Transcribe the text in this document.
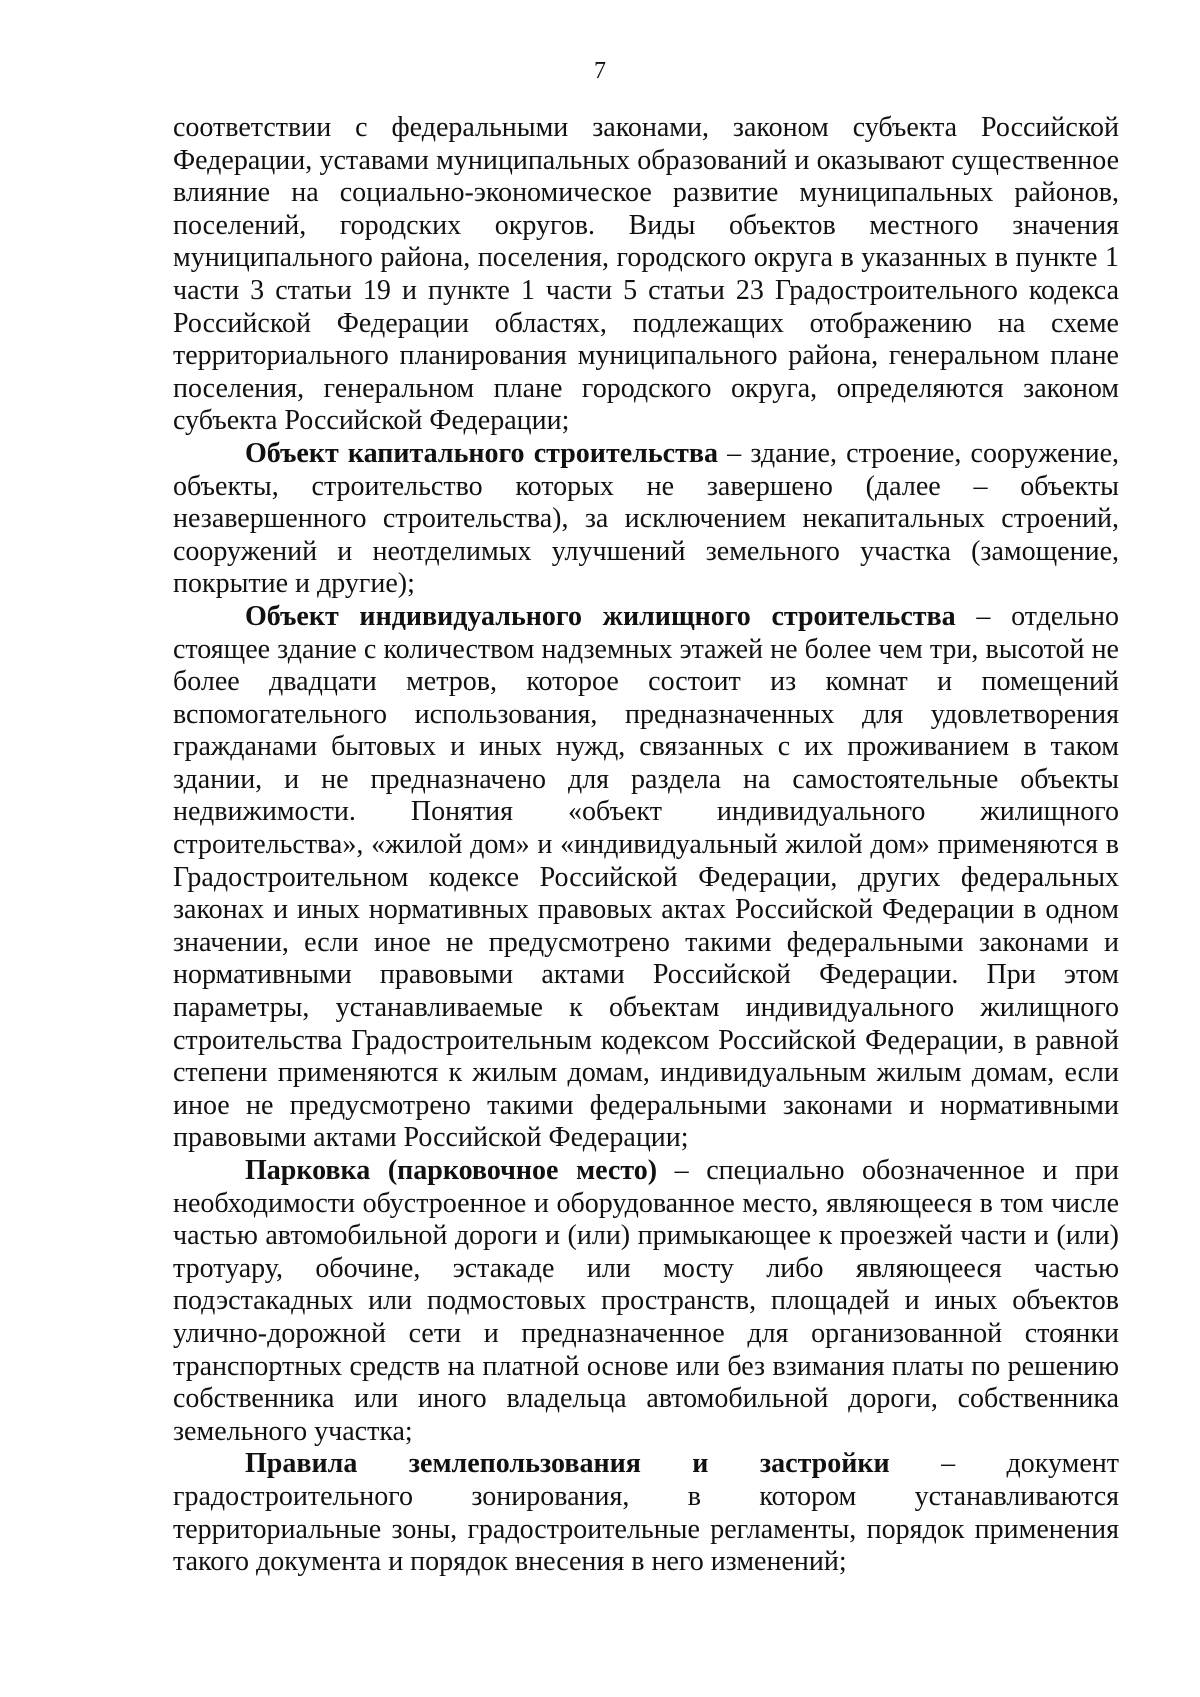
7

соответствии с федеральными законами, законом субъекта Российской Федерации, уставами муниципальных образований и оказывают существенное влияние на социально-экономическое развитие муниципальных районов, поселений, городских округов. Виды объектов местного значения муниципального района, поселения, городского округа в указанных в пункте 1 части 3 статьи 19 и пункте 1 части 5 статьи 23 Градостроительного кодекса Российской Федерации областях, подлежащих отображению на схеме территориального планирования муниципального района, генеральном плане поселения, генеральном плане городского округа, определяются законом субъекта Российской Федерации;

Объект капитального строительства – здание, строение, сооружение, объекты, строительство которых не завершено (далее – объекты незавершенного строительства), за исключением некапитальных строений, сооружений и неотделимых улучшений земельного участка (замощение, покрытие и другие);

Объект индивидуального жилищного строительства – отдельно стоящее здание с количеством надземных этажей не более чем три, высотой не более двадцати метров, которое состоит из комнат и помещений вспомогательного использования, предназначенных для удовлетворения гражданами бытовых и иных нужд, связанных с их проживанием в таком здании, и не предназначено для раздела на самостоятельные объекты недвижимости. Понятия «объект индивидуального жилищного строительства», «жилой дом» и «индивидуальный жилой дом» применяются в Градостроительном кодексе Российской Федерации, других федеральных законах и иных нормативных правовых актах Российской Федерации в одном значении, если иное не предусмотрено такими федеральными законами и нормативными правовыми актами Российской Федерации. При этом параметры, устанавливаемые к объектам индивидуального жилищного строительства Градостроительным кодексом Российской Федерации, в равной степени применяются к жилым домам, индивидуальным жилым домам, если иное не предусмотрено такими федеральными законами и нормативными правовыми актами Российской Федерации;

Парковка (парковочное место) – специально обозначенное и при необходимости обустроенное и оборудованное место, являющееся в том числе частью автомобильной дороги и (или) примыкающее к проезжей части и (или) тротуару, обочине, эстакаде или мосту либо являющееся частью подэстакадных или подмостовых пространств, площадей и иных объектов улично-дорожной сети и предназначенное для организованной стоянки транспортных средств на платной основе или без взимания платы по решению собственника или иного владельца автомобильной дороги, собственника земельного участка;

Правила землепользования и застройки – документ градостроительного зонирования, в котором устанавливаются территориальные зоны, градостроительные регламенты, порядок применения такого документа и порядок внесения в него изменений;
